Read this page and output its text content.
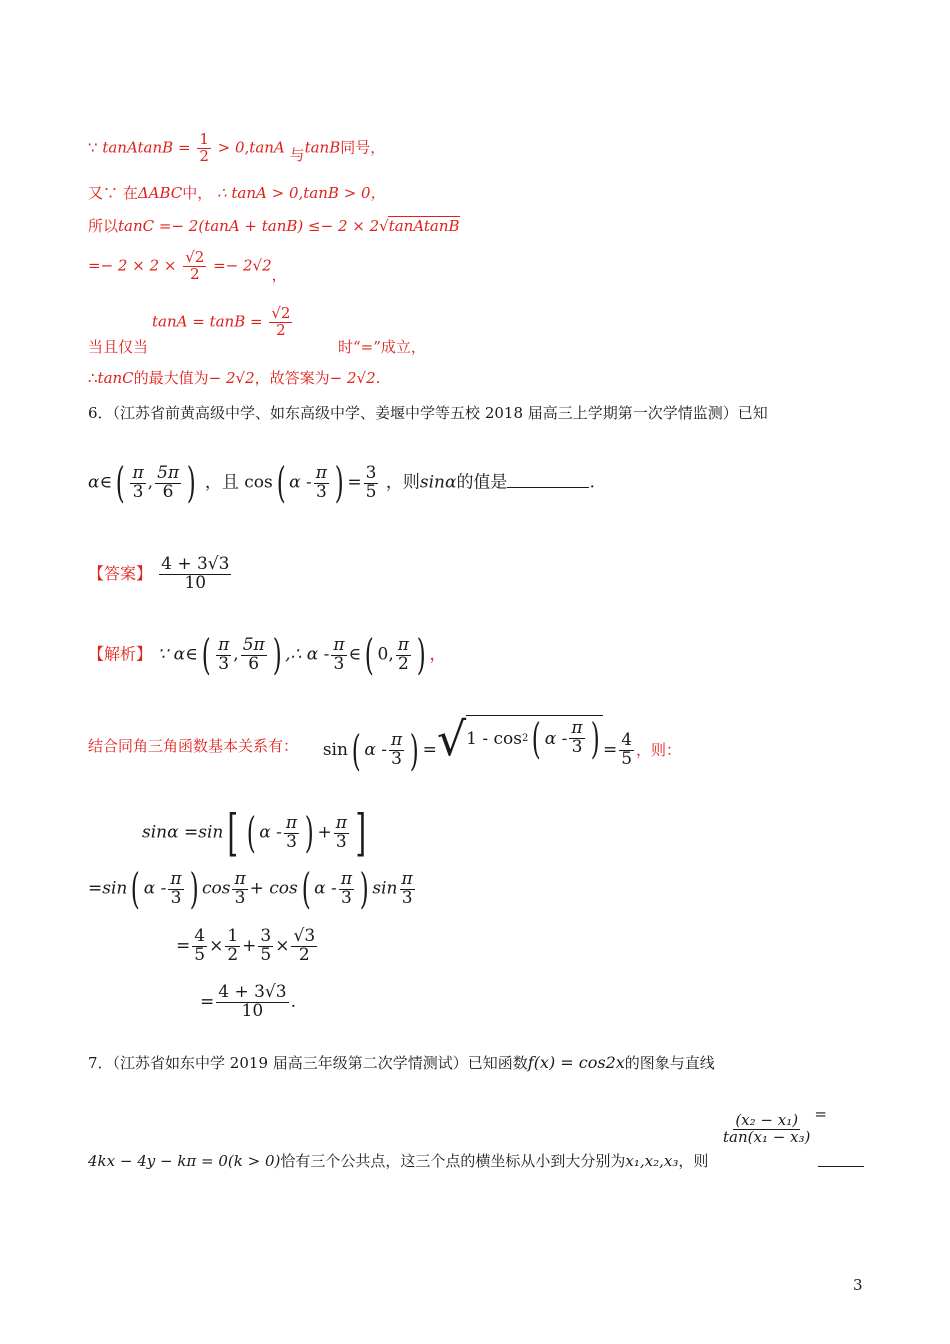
∵ tanAtanB = $\frac{1}{2} > 0,\tan A$ 与tanB同号，
又∵ 在ΔABC中， ∴ tanA > 0,tanB > 0，
所以tanC =− 2(tanA + tanB) ≤− 2 × 2√tanAtanB
=− $2 \times 2 \times \frac{√2}{2} =- 2√2$，
$\tan A = \tan B = \frac{√2}{2}$
当且仅当	时“=”成立，
∴tanC的最大值为− 2√2，故答案为− 2√2.
6．（江苏省前黄高级中学、如东高级中学、姜堰中学等五校 2018 届高三上学期第一次学情监测）已知
α∈( $\frac{\pi}{3}$ , $\frac{5\pi}{6}$ ) ，且 cos( α - $\frac{\pi}{3}$ ) = $\frac{3}{5}$ ，则sinα的值是	.
【答案】 $\frac{4 + 3√3}{10}$
【解析】 ∵ α∈( $\frac{\pi}{3}$ , $\frac{5\pi}{6}$ ) ,∴ α - $\frac{\pi}{3}$ ∈( 0, $\frac{\pi}{2}$ ) ，
结合同角三角函数基本关系有： sin( α - $\frac{\pi}{3}$ ) = √ 1 - cos 2 ( α - $\frac{\pi}{3}$ ) = $\frac{4}{5}$ ，则：
sinα =sin[ ( α - $\frac{\pi}{3}$ ) + $\frac{\pi}{3}$ ]
=sin( α - $\frac{\pi}{3}$ ) $\cos \frac{\pi}{3} + \cos$( α - $\frac{\pi}{3}$ ) $\sin \frac{\pi}{3}$
= $\frac{4}{5} \times \frac{1}{2} + \frac{3}{5} \times \frac{√3}{2}$
= $\frac{4 + 3√3}{10}$ .
7．（江苏省如东中学 2019 届高三年级第二次学情测试）已知函数f(x) = cos2x的图象与直线
$\frac{\text{(x₂ − x₁)}}{\text{tan(x₁ − x₃)}}$ =
4kx − 4y − kπ = 0(k > 0)恰有三个公共点，这三个点的横坐标从小到大分别为x₁,x₂,x₃，则
3
